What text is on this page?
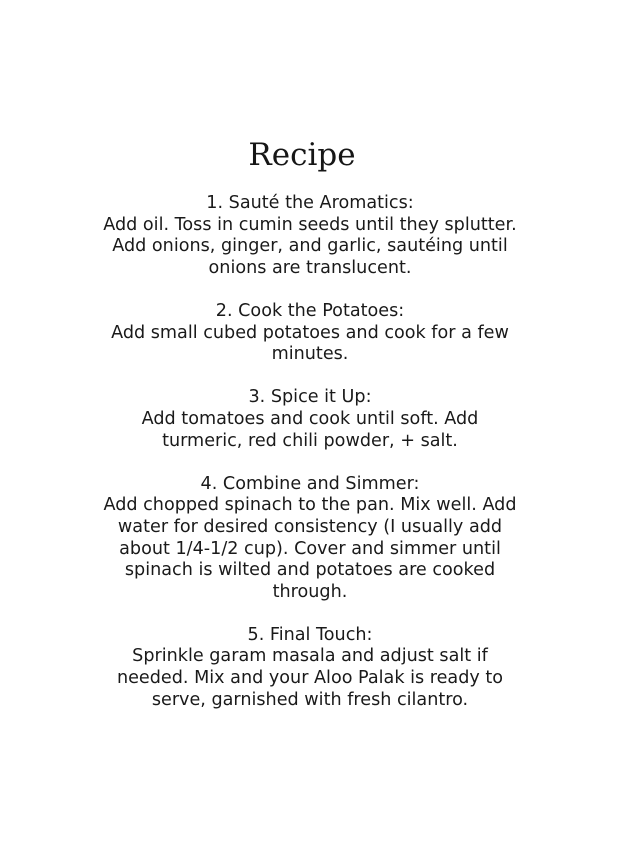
Recipe
1. Sauté the Aromatics:
Add oil. Toss in cumin seeds until they splutter. Add onions, ginger, and garlic, sautéing until onions are translucent.
2. Cook the Potatoes:
Add small cubed potatoes and cook for a few minutes.
3. Spice it Up:
Add tomatoes and cook until soft. Add turmeric, red chili powder, + salt.
4. Combine and Simmer:
Add chopped spinach to the pan. Mix well. Add water for desired consistency (I usually add about 1/4-1/2 cup). Cover and simmer until spinach is wilted and potatoes are cooked through.
5. Final Touch:
Sprinkle garam masala and adjust salt if needed. Mix and your Aloo Palak is ready to serve, garnished with fresh cilantro.
